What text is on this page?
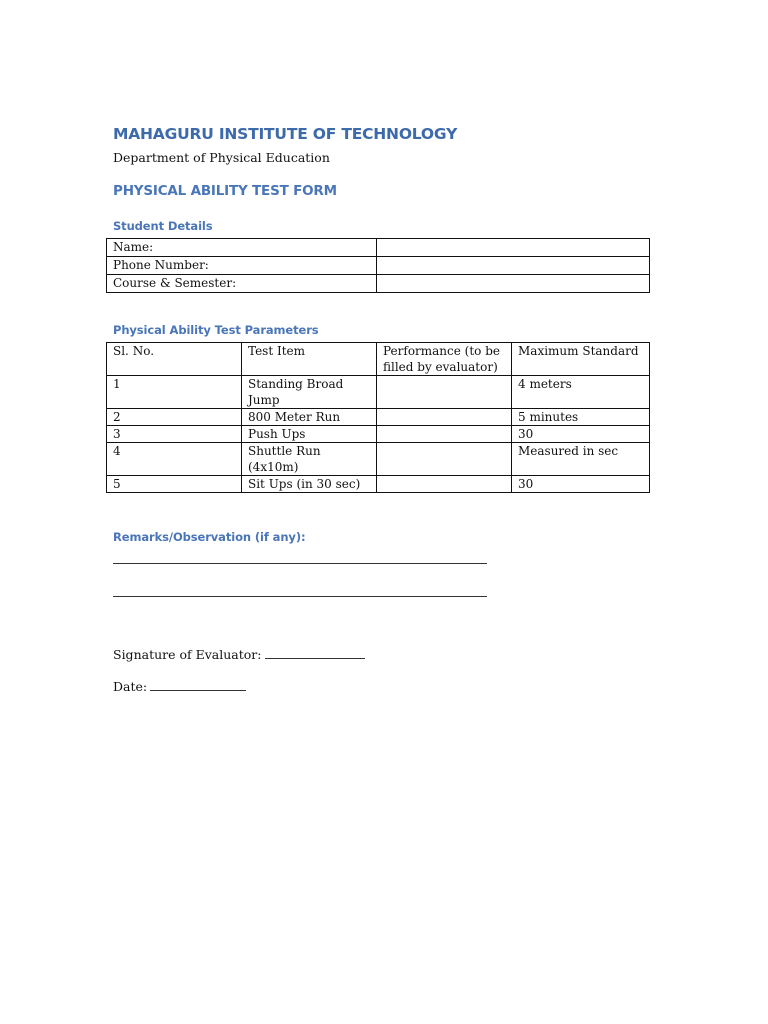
MAHAGURU INSTITUTE OF TECHNOLOGY
Department of Physical Education
PHYSICAL ABILITY TEST FORM
Student Details
Name:	
Phone Number:	
Course & Semester:	
Physical Ability Test Parameters
Sl. No.	Test Item	Performance (to be filled by evaluator)	Maximum Standard
1	Standing Broad Jump		4 meters
2	800 Meter Run		5 minutes
3	Push Ups		30
4	Shuttle Run (4x10m)		Measured in sec
5	Sit Ups (in 30 sec)		30
Remarks/Observation (if any):
Signature of Evaluator:
Date:
